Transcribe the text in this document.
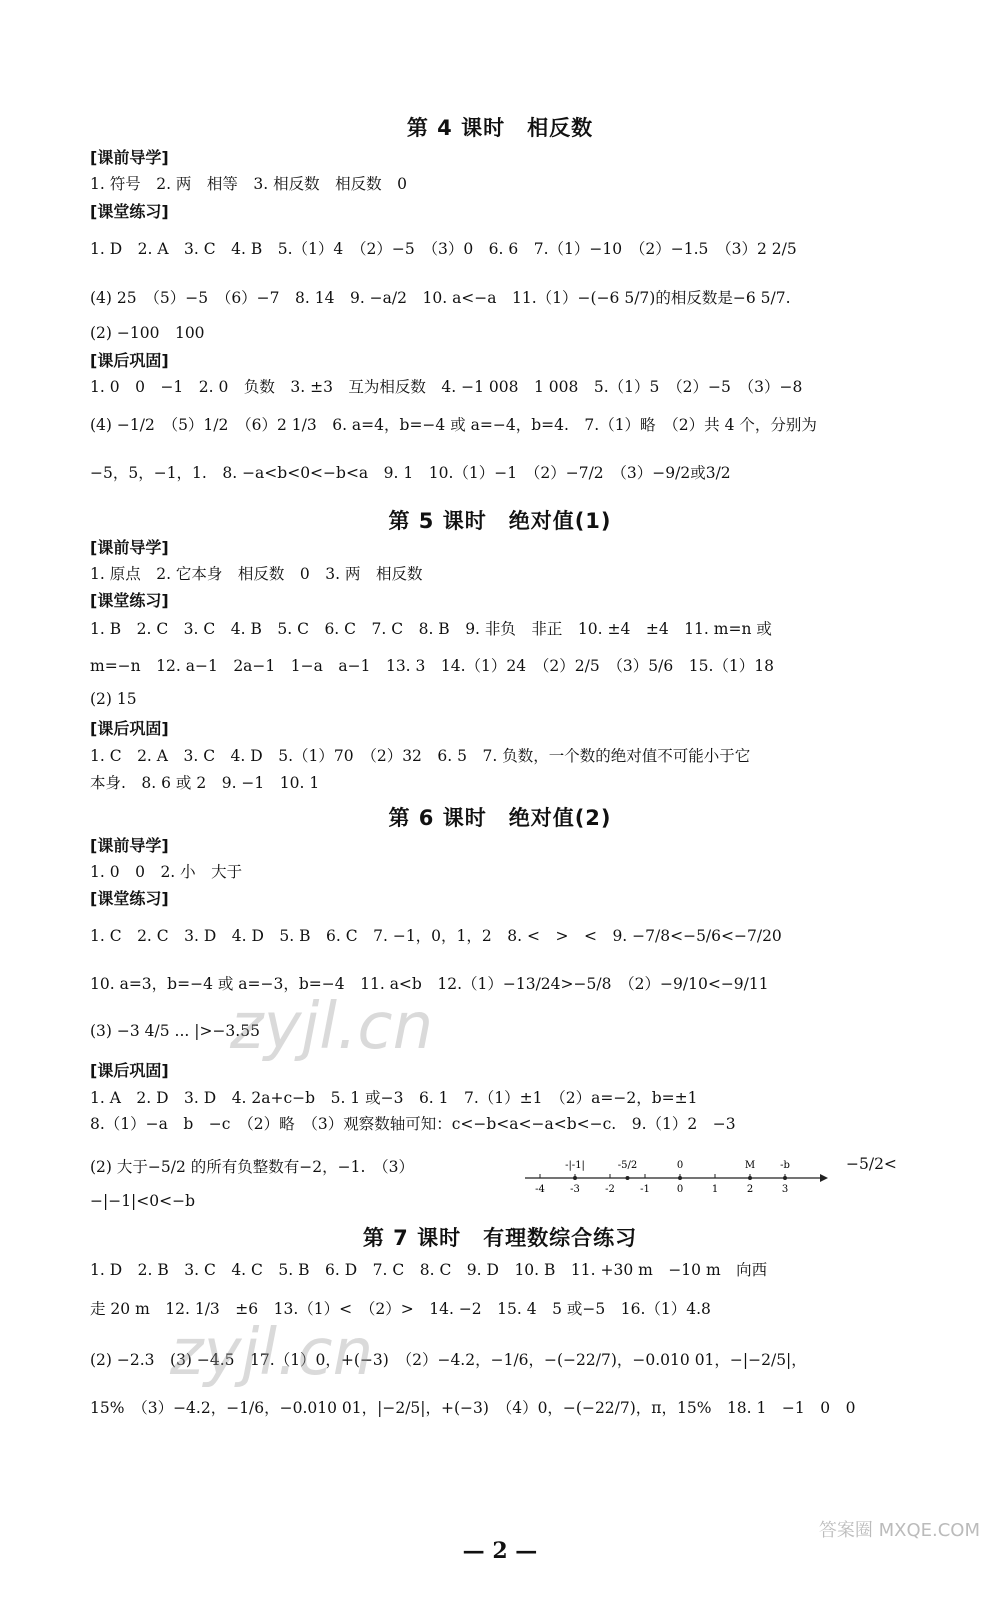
第 4 课时　相反数
[课前导学]
1. 符号　2. 两　相等　3. 相反数　相反数　0
[课堂练习]
1. D　2. A　3. C　4. B　5.（1）4　（2）−5　（3）0　6. 6　7.（1）−10　（2）−1.5　（3）2 2/5
(4) 25　（5）−5　（6）−7　8. 14　9. −a/2　10. a<−a　11.（1）−(−6 5/7)的相反数是−6 5/7.
(2) −100　100
[课后巩固]
1. 0　0　−1　2. 0　负数　3. ±3　互为相反数　4. −1 008　1 008　5.（1）5　（2）−5　（3）−8
(4) −1/2　（5）1/2　（6）2 1/3　6. a=4，b=−4 或 a=−4，b=4.　7.（1）略　（2）共 4 个，分别为
−5，5，−1，1.　8. −a<b<0<−b<a　9. 1　10.（1）−1　（2）−7/2　（3）−9/2或3/2
第 5 课时　绝对值(1)
[课前导学]
1. 原点　2. 它本身　相反数　0　3. 两　相反数
[课堂练习]
1. B　2. C　3. C　4. B　5. C　6. C　7. C　8. B　9. 非负　非正　10. ±4　±4　11. m=n 或
m=−n　12. a−1　2a−1　1−a　a−1　13. 3　14.（1）24　（2）2/5　（3）5/6　15.（1）18
(2) 15
[课后巩固]
1. C　2. A　3. C　4. D　5.（1）70　（2）32　6. 5　7. 负数，一个数的绝对值不可能小于它
本身.　8. 6 或 2　9. −1　10. 1
第 6 课时　绝对值(2)
[课前导学]
1. 0　0　2. 小　大于
[课堂练习]
1. C　2. C　3. D　4. D　5. B　6. C　7. −1，0，1，2　8. <　>　<　9. −7/8<−5/6<−7/20
10. a=3，b=−4 或 a=−3，b=−4　11. a<b　12.（1）−13/24>−5/8　（2）−9/10<−9/11
(3) −3 4/5 ... |>−3.55
[课后巩固]
1. A　2. D　3. D　4. 2a+c−b　5. 1 或−3　6. 1　7.（1）±1　（2）a=−2，b=±1
8.（1）−a　b　−c　（2）略　（3）观察数轴可知：c<−b<a<−a<b<−c.　9.（1）2　−3
(2) 大于−5/2 的所有负整数有−2，−1.　（3）
−|−1|<0<−b
-4	-3	-2	-1	0	1	2	3
-5/2
-|-1|	0	M -b	−5/2<
第 7 课时　有理数综合练习
1. D　2. B　3. C　4. C　5. B　6. D　7. C　8. C　9. D　10. B　11. +30 m　−10 m　向西
走 20 m　12. 1/3　±6　13.（1）<　（2）>　14. −2　15. 4　5 或−5　16.（1）4.8
(2) −2.3　(3) −4.5　17.（1）0，+(−3)　（2）−4.2，−1/6，−(−22/7)，−0.010 01，−|−2/5|，
15%　（3）−4.2，−1/6，−0.010 01，|−2/5|，+(−3)　（4）0，−(−22/7)，π，15%　18. 1　−1　0　0
— 2 —
zyjl.cn
zyjl.cn
答案圈 MXQE.COM
